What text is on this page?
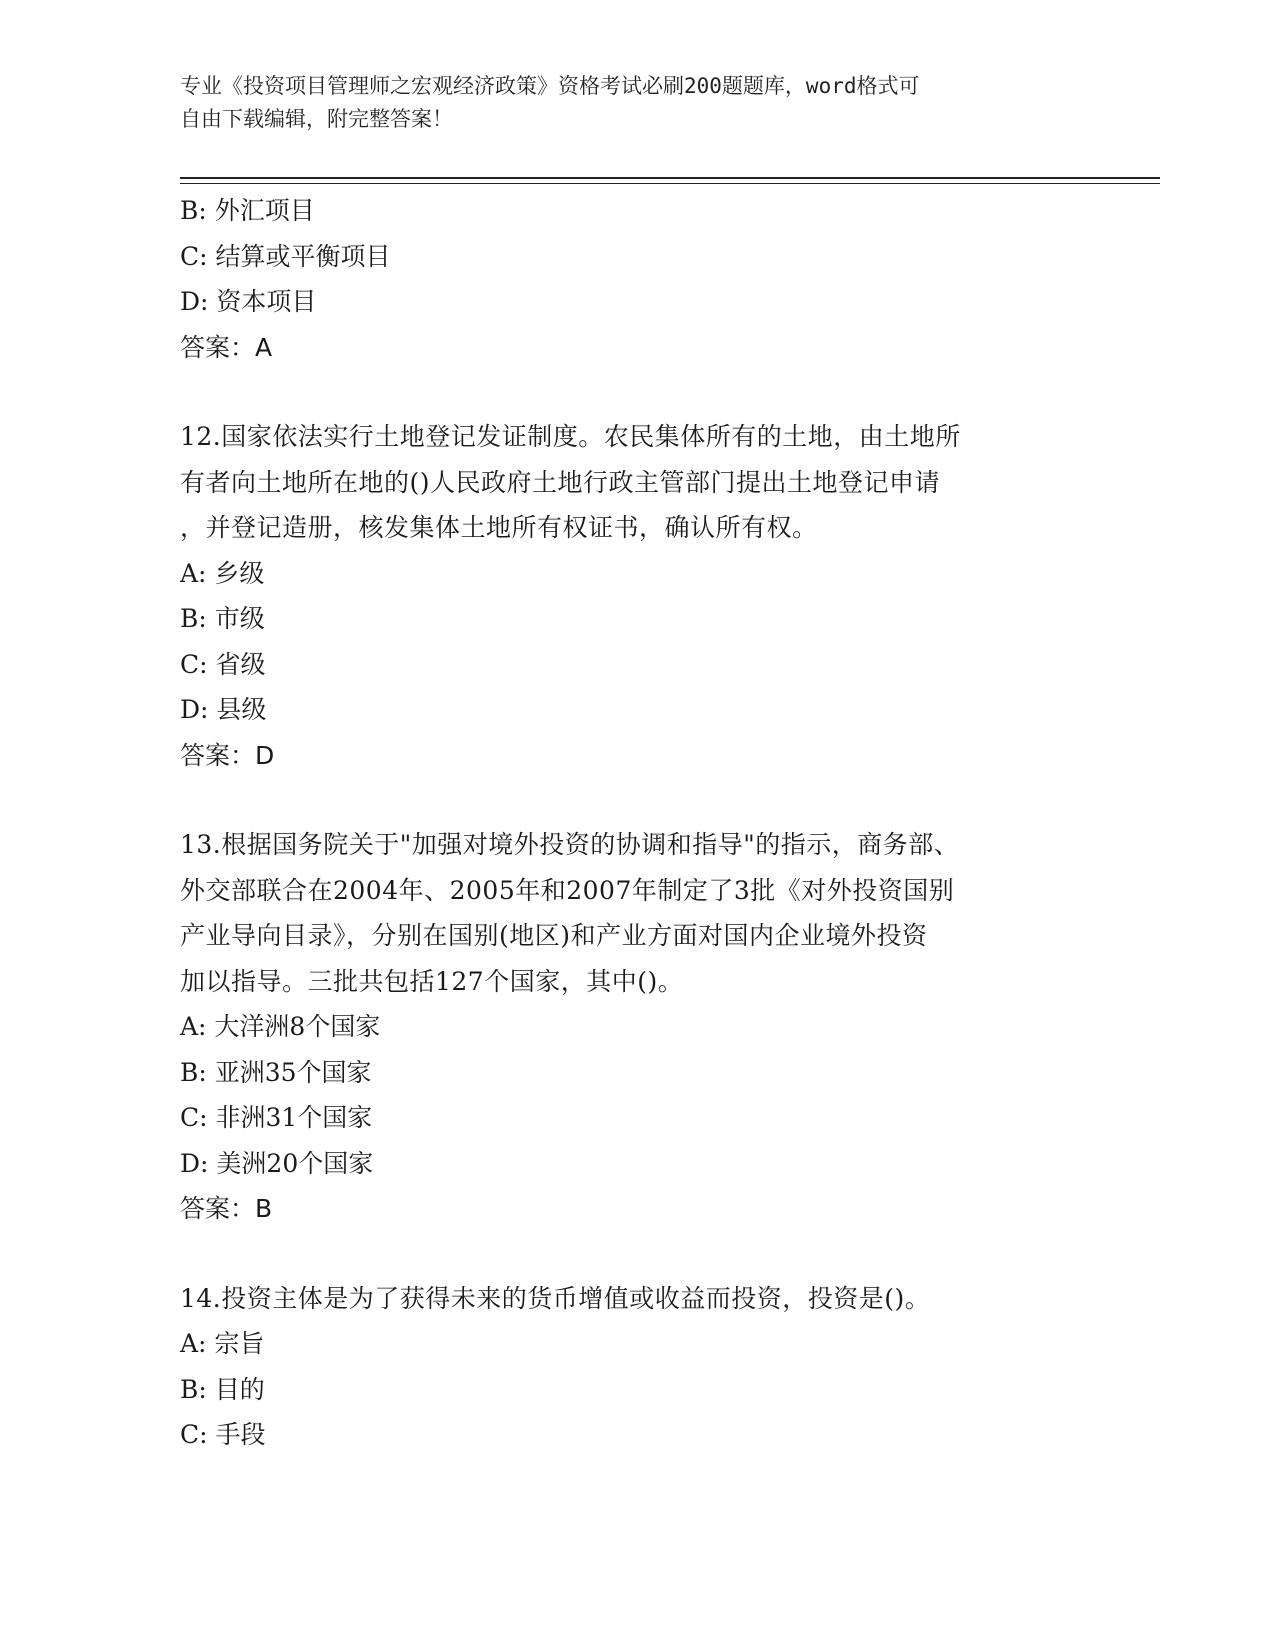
专业《投资项目管理师之宏观经济政策》资格考试必刷200题题库，word格式可
自由下载编辑，附完整答案！
B: 外汇项目
C: 结算或平衡项目
D: 资本项目
答案：A
12.国家依法实行土地登记发证制度。农民集体所有的土地，由土地所
有者向土地所在地的()人民政府土地行政主管部门提出土地登记申请
，并登记造册，核发集体土地所有权证书，确认所有权。
A: 乡级
B: 市级
C: 省级
D: 县级
答案：D
13.根据国务院关于"加强对境外投资的协调和指导"的指示，商务部、
外交部联合在2004年、2005年和2007年制定了3批《对外投资国别
产业导向目录》，分别在国别(地区)和产业方面对国内企业境外投资
加以指导。三批共包括127个国家，其中()。
A: 大洋洲8个国家
B: 亚洲35个国家
C: 非洲31个国家
D: 美洲20个国家
答案：B
14.投资主体是为了获得未来的货币增值或收益而投资，投资是()。
A: 宗旨
B: 目的
C: 手段
